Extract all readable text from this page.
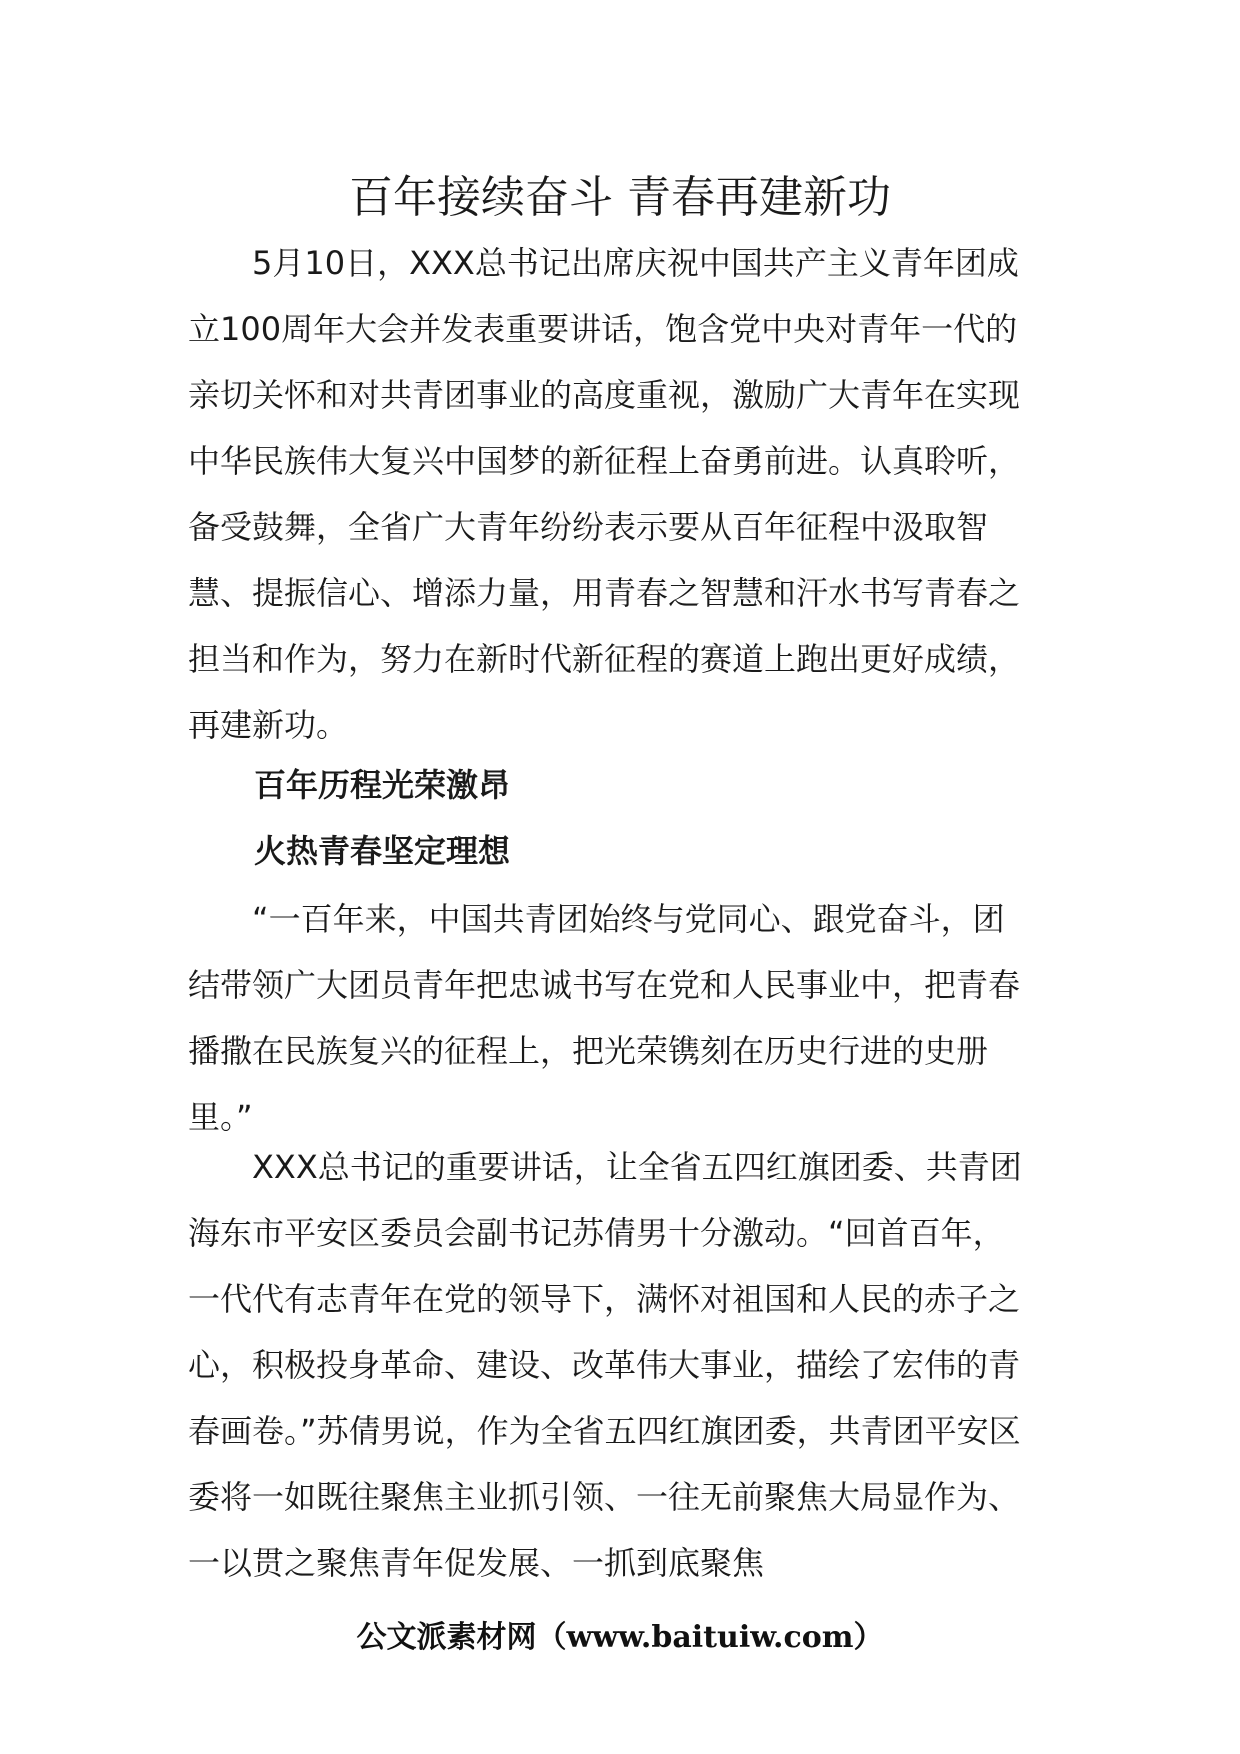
百年接续奋斗 青春再建新功

5月10日，XXX总书记出席庆祝中国共产主义青年团成立100周年大会并发表重要讲话，饱含党中央对青年一代的亲切关怀和对共青团事业的高度重视，激励广大青年在实现中华民族伟大复兴中国梦的新征程上奋勇前进。认真聆听，备受鼓舞，全省广大青年纷纷表示要从百年征程中汲取智慧、提振信心、增添力量，用青春之智慧和汗水书写青春之担当和作为，努力在新时代新征程的赛道上跑出更好成绩，再建新功。

百年历程光荣激昂
火热青春坚定理想

“一百年来，中国共青团始终与党同心、跟党奋斗，团结带领广大团员青年把忠诚书写在党和人民事业中，把青春播撒在民族复兴的征程上，把光荣镌刻在历史行进的史册里。”

XXX总书记的重要讲话，让全省五四红旗团委、共青团海东市平安区委员会副书记苏倩男十分激动。“回首百年，一代代有志青年在党的领导下，满怀对祖国和人民的赤子之心，积极投身革命、建设、改革伟大事业，描绘了宏伟的青春画卷。”苏倩男说，作为全省五四红旗团委，共青团平安区委将一如既往聚焦主业抓引领、一往无前聚焦大局显作为、一以贯之聚焦青年促发展、一抓到底聚焦

公文派素材网（www.baituiw.com）
